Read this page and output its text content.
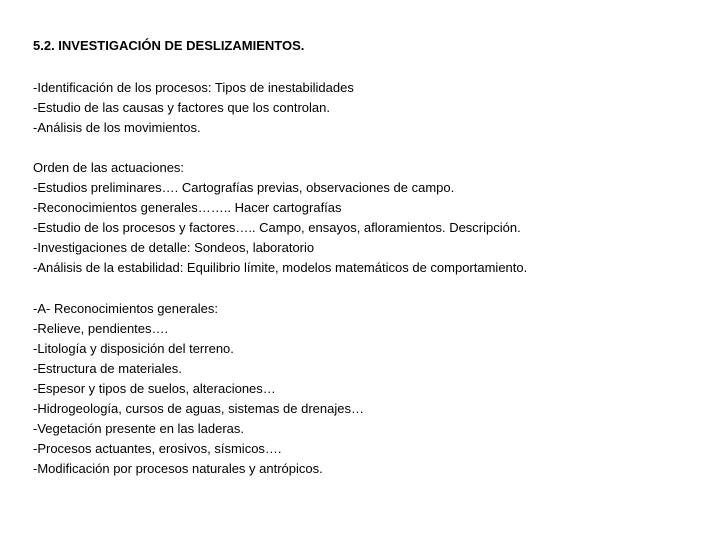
5.2. INVESTIGACIÓN DE DESLIZAMIENTOS.
-Identificación de los procesos: Tipos de inestabilidades
-Estudio de las causas y factores que los controlan.
-Análisis de los movimientos.
Orden de las actuaciones:
-Estudios preliminares…. Cartografías previas, observaciones de campo.
-Reconocimientos generales…….. Hacer cartografías
-Estudio de los procesos y factores….. Campo, ensayos, afloramientos. Descripción.
-Investigaciones de detalle: Sondeos, laboratorio
-Análisis de la estabilidad: Equilibrio límite, modelos matemáticos de comportamiento.
-A- Reconocimientos generales:
-Relieve, pendientes….
-Litología y disposición del terreno.
-Estructura de materiales.
-Espesor y tipos de suelos, alteraciones…
-Hidrogeología, cursos de aguas, sistemas de drenajes…
-Vegetación presente en las laderas.
-Procesos actuantes, erosivos, sísmicos….
-Modificación por procesos naturales y antrópicos.
